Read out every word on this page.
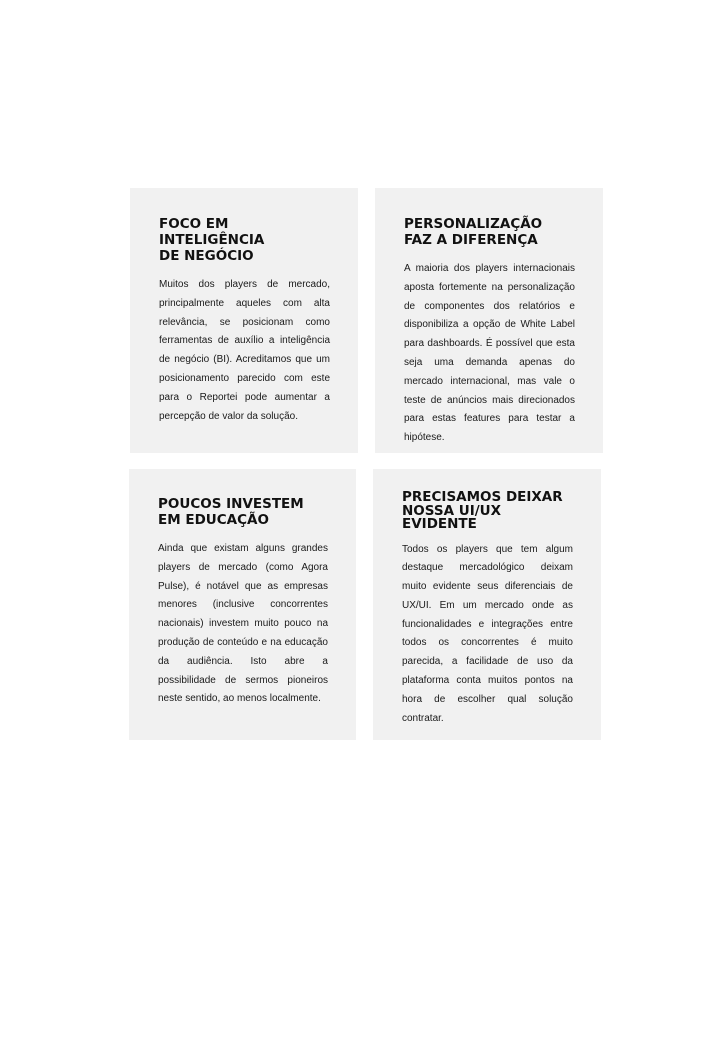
FOCO EM INTELIGÊNCIA
DE NEGÓCIO

Muitos dos players de mercado, principalmente aqueles com alta relevância, se posicionam como ferramentas de auxílio a inteligência de negócio (BI). Acreditamos que um posicionamento parecido com este para o Reportei pode aumentar a percepção de valor da solução.

PERSONALIZAÇÃO
FAZ A DIFERENÇA

A maioria dos players internacionais aposta fortemente na personalização de componentes dos relatórios e disponibiliza a opção de White Label para dashboards. É possível que esta seja uma demanda apenas do mercado internacional, mas vale o teste de anúncios mais direcionados para estas features para testar a hipótese.

POUCOS INVESTEM
EM EDUCAÇÃO

Ainda que existam alguns grandes players de mercado (como Agora Pulse), é notável que as empresas menores (inclusive concorrentes nacionais) investem muito pouco na produção de conteúdo e na educação da audiência. Isto abre a possibilidade de sermos pioneiros neste sentido, ao menos localmente.

PRECISAMOS DEIXAR
NOSSA UI/UX
EVIDENTE

Todos os players que tem algum destaque mercadológico deixam muito evidente seus diferenciais de UX/UI. Em um mercado onde as funcionalidades e integrações entre todos os concorrentes é muito parecida, a facilidade de uso da plataforma conta muitos pontos na hora de escolher qual solução contratar.
